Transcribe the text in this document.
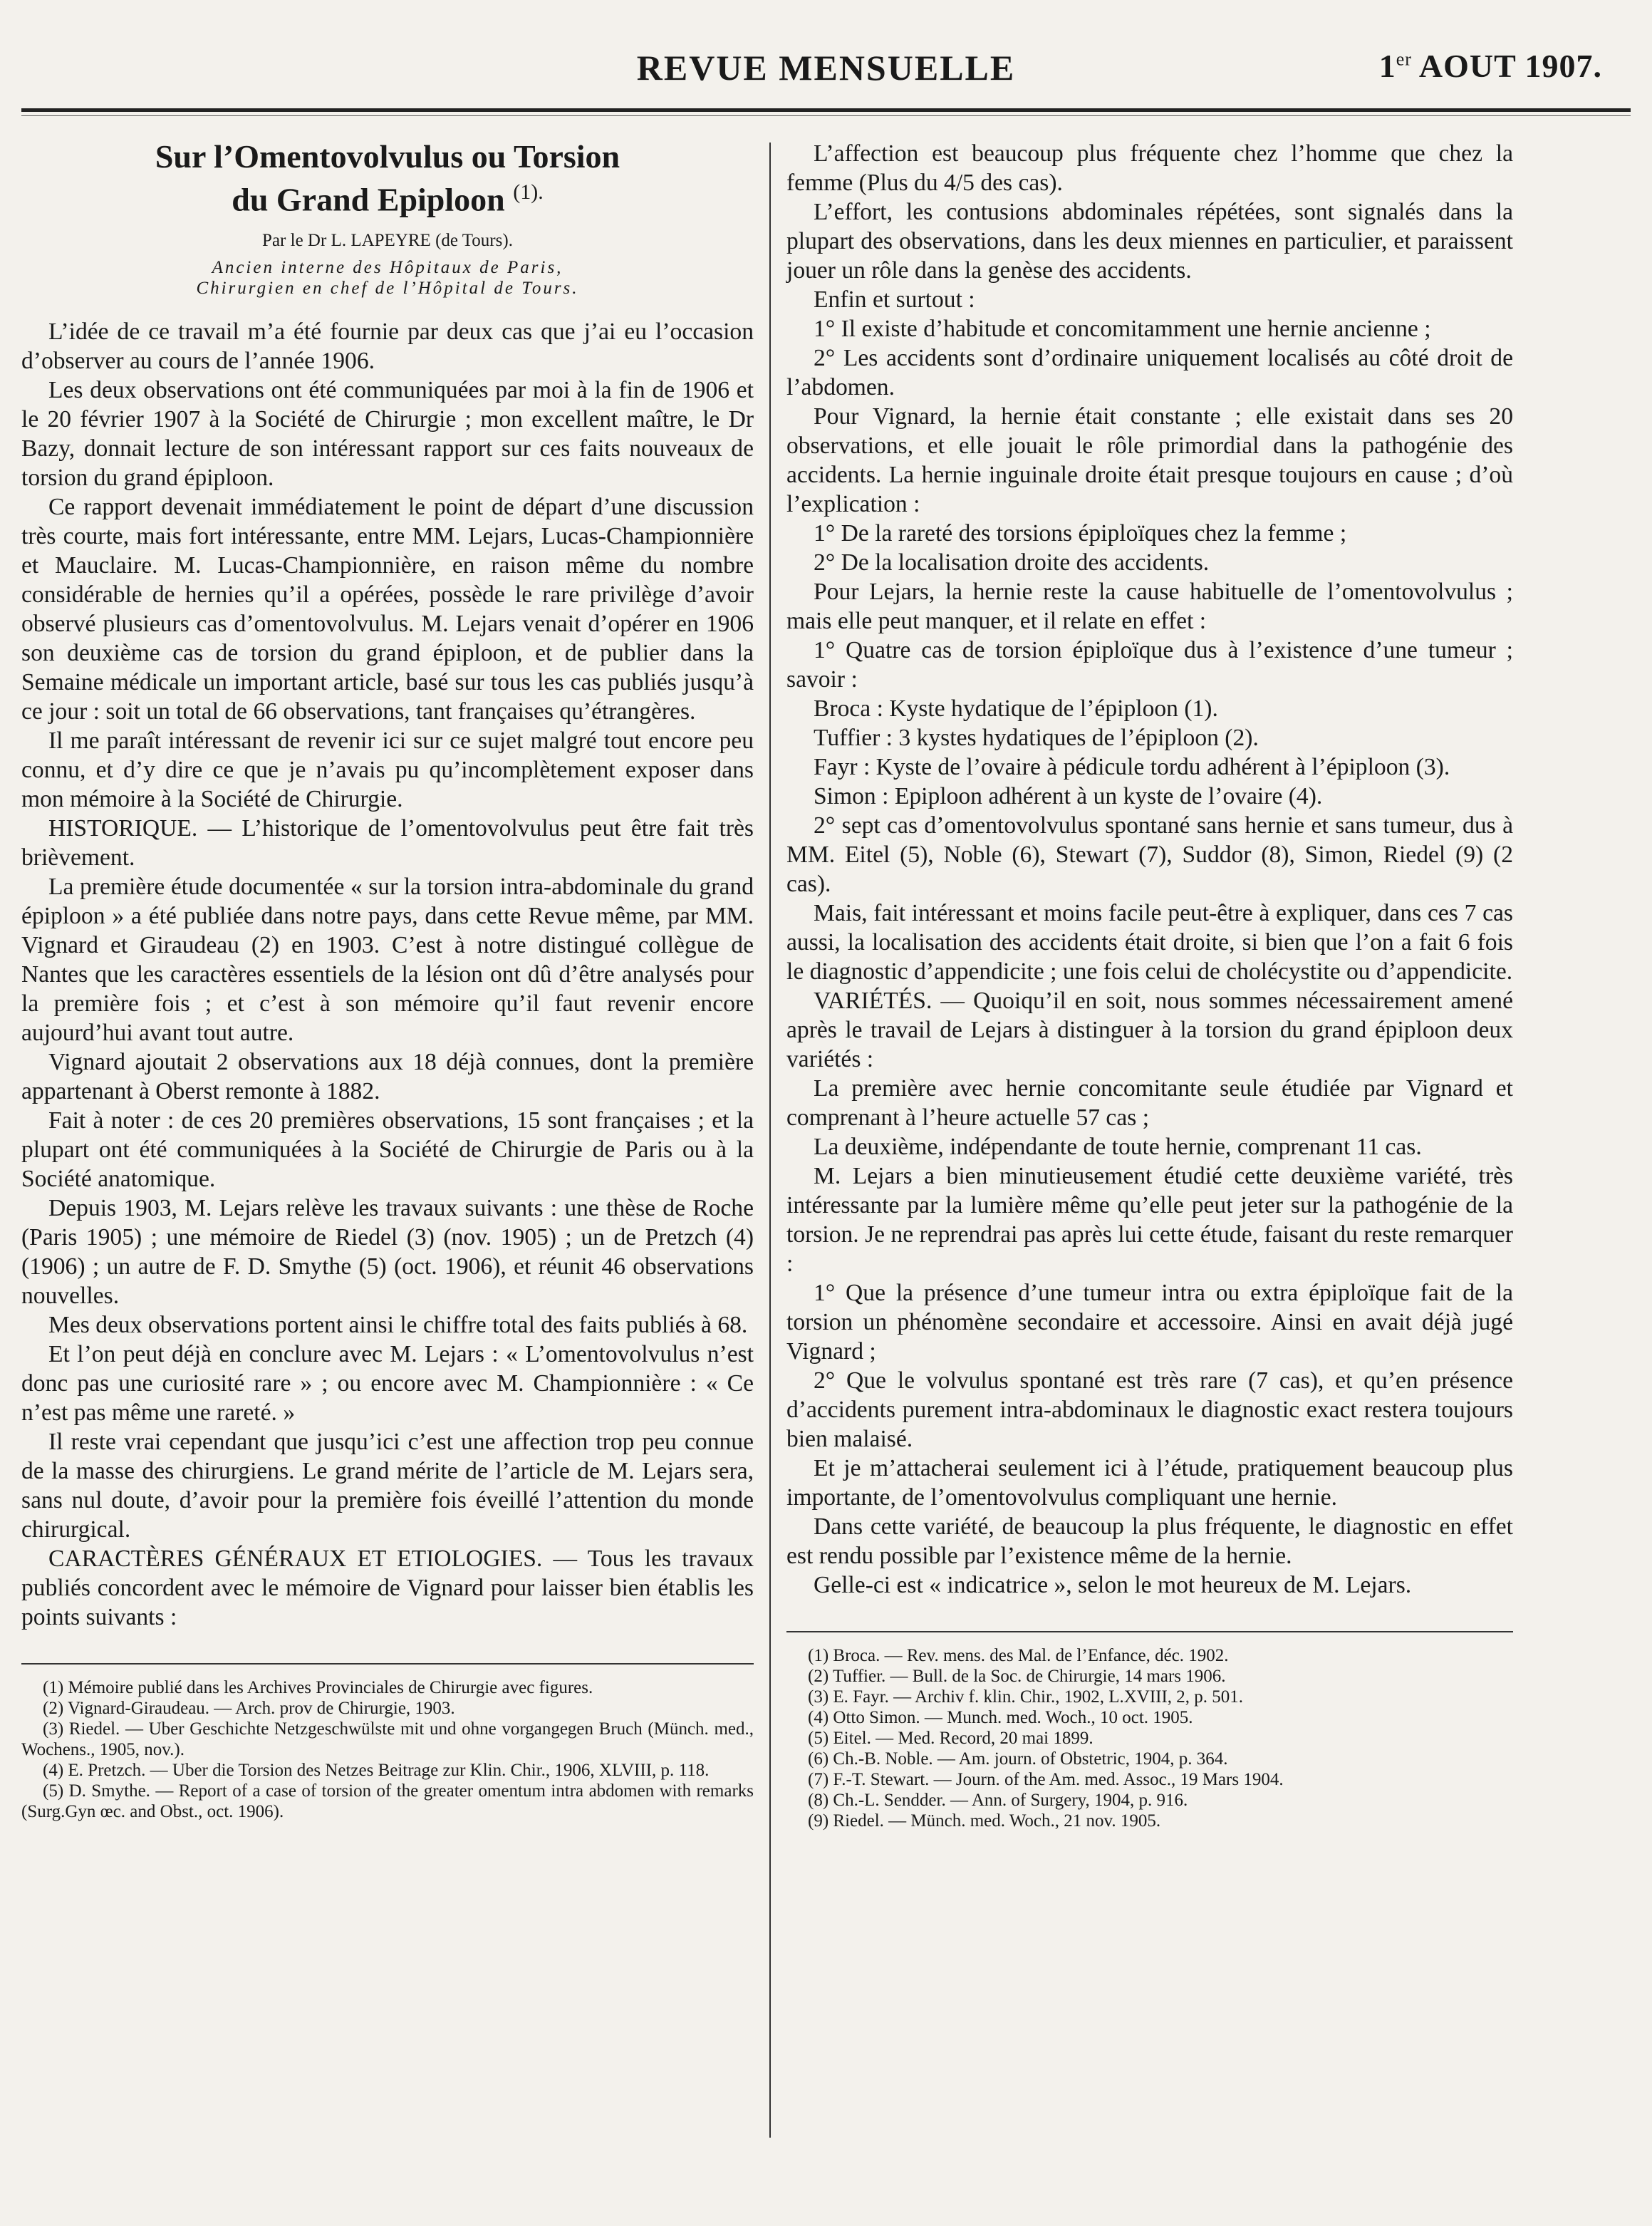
REVUE MENSUELLE	1er AOUT 1907.
Sur l’Omentovolvulus ou Torsion
du Grand Epiploon $^{(1).}$
Par le Dr L. LAPEYRE (de Tours).
Ancien interne des Hôpitaux de Paris,
Chirurgien en chef de l’Hôpital de Tours.

L’idée de ce travail m’a été fournie par deux cas que j’ai eu l’occasion d’observer au cours de l’année 1906.

Les deux observations ont été communiquées par moi à la fin de 1906 et le 20 février 1907 à la Société de Chirurgie ; mon excellent maître, le Dr Bazy, donnait lecture de son intéressant rapport sur ces faits nouveaux de torsion du grand épiploon.

Ce rapport devenait immédiatement le point de départ d’une discussion très courte, mais fort intéressante, entre MM. Lejars, Lucas-Championnière et Mauclaire. M. Lucas-Championnière, en raison même du nombre considérable de hernies qu’il a opérées, possède le rare privilège d’avoir observé plusieurs cas d’omentovolvulus. M. Lejars venait d’opérer en 1906 son deuxième cas de torsion du grand épiploon, et de publier dans la Semaine médicale un important article, basé sur tous les cas publiés jusqu’à ce jour : soit un total de 66 observations, tant françaises qu’étrangères.

Il me paraît intéressant de revenir ici sur ce sujet malgré tout encore peu connu, et d’y dire ce que je n’avais pu qu’incomplètement exposer dans mon mémoire à la Société de Chirurgie.

HISTORIQUE. — L’historique de l’omentovolvulus peut être fait très brièvement.

La première étude documentée « sur la torsion intra-abdominale du grand épiploon » a été publiée dans notre pays, dans cette Revue même, par MM. Vignard et Giraudeau (2) en 1903. C’est à notre distingué collègue de Nantes que les caractères essentiels de la lésion ont dû d’être analysés pour la première fois ; et c’est à son mémoire qu’il faut revenir encore aujourd’hui avant tout autre.

Vignard ajoutait 2 observations aux 18 déjà connues, dont la première appartenant à Oberst remonte à 1882.

Fait à noter : de ces 20 premières observations, 15 sont françaises ; et la plupart ont été communiquées à la Société de Chirurgie de Paris ou à la Société anatomique.

Depuis 1903, M. Lejars relève les travaux suivants : une thèse de Roche (Paris 1905) ; une mémoire de Riedel (3) (nov. 1905) ; un de Pretzch (4) (1906) ; un autre de F. D. Smythe (5) (oct. 1906), et réunit 46 observations nouvelles.

Mes deux observations portent ainsi le chiffre total des faits publiés à 68.

Et l’on peut déjà en conclure avec M. Lejars : « L’omentovolvulus n’est donc pas une curiosité rare » ; ou encore avec M. Championnière : « Ce n’est pas même une rareté. »

Il reste vrai cependant que jusqu’ici c’est une affection trop peu connue de la masse des chirurgiens. Le grand mérite de l’article de M. Lejars sera, sans nul doute, d’avoir pour la première fois éveillé l’attention du monde chirurgical.

CARACTÈRES GÉNÉRAUX ET ETIOLOGIES. — Tous les travaux publiés concordent avec le mémoire de Vignard pour laisser bien établis les points suivants :

(1) Mémoire publié dans les Archives Provinciales de Chirurgie avec figures.

(2) Vignard-Giraudeau. — Arch. prov de Chirurgie, 1903.

(3) Riedel. — Uber Geschichte Netzgeschwülste mit und ohne vorgangegen Bruch (Münch. med., Wochens., 1905, nov.).

(4) E. Pretzch. — Uber die Torsion des Netzes Beitrage zur Klin. Chir., 1906, XLVIII, p. 118.

(5) D. Smythe. — Report of a case of torsion of the greater omentum intra abdomen with remarks (Surg.Gyn œc. and Obst., oct. 1906).

L’affection est beaucoup plus fréquente chez l’homme que chez la femme (Plus du 4/5 des cas).

L’effort, les contusions abdominales répétées, sont signalés dans la plupart des observations, dans les deux miennes en particulier, et paraissent jouer un rôle dans la genèse des accidents.

Enfin et surtout :

1° Il existe d’habitude et concomitamment une hernie ancienne ;

2° Les accidents sont d’ordinaire uniquement localisés au côté droit de l’abdomen.

Pour Vignard, la hernie était constante ; elle existait dans ses 20 observations, et elle jouait le rôle primordial dans la pathogénie des accidents. La hernie inguinale droite était presque toujours en cause ; d’où l’explication :

1° De la rareté des torsions épiploïques chez la femme ;

2° De la localisation droite des accidents.

Pour Lejars, la hernie reste la cause habituelle de l’omentovolvulus ; mais elle peut manquer, et il relate en effet :

1° Quatre cas de torsion épiploïque dus à l’existence d’une tumeur ; savoir :

Broca : Kyste hydatique de l’épiploon (1).

Tuffier : 3 kystes hydatiques de l’épiploon (2).

Fayr : Kyste de l’ovaire à pédicule tordu adhérent à l’épiploon (3).

Simon : Epiploon adhérent à un kyste de l’ovaire (4).

2° sept cas d’omentovolvulus spontané sans hernie et sans tumeur, dus à MM. Eitel (5), Noble (6), Stewart (7), Suddor (8), Simon, Riedel (9) (2 cas).

Mais, fait intéressant et moins facile peut-être à expliquer, dans ces 7 cas aussi, la localisation des accidents était droite, si bien que l’on a fait 6 fois le diagnostic d’appendicite ; une fois celui de cholécystite ou d’appendicite.

VARIÉTÉS. — Quoiqu’il en soit, nous sommes nécessairement amené après le travail de Lejars à distinguer à la torsion du grand épiploon deux variétés :

La première avec hernie concomitante seule étudiée par Vignard et comprenant à l’heure actuelle 57 cas ;

La deuxième, indépendante de toute hernie, comprenant 11 cas.

M. Lejars a bien minutieusement étudié cette deuxième variété, très intéressante par la lumière même qu’elle peut jeter sur la pathogénie de la torsion. Je ne reprendrai pas après lui cette étude, faisant du reste remarquer :

1° Que la présence d’une tumeur intra ou extra épiploïque fait de la torsion un phénomène secondaire et accessoire. Ainsi en avait déjà jugé Vignard ;

2° Que le volvulus spontané est très rare (7 cas), et qu’en présence d’accidents purement intra-abdominaux le diagnostic exact restera toujours bien malaisé.

Et je m’attacherai seulement ici à l’étude, pratiquement beaucoup plus importante, de l’omentovolvulus compliquant une hernie.

Dans cette variété, de beaucoup la plus fréquente, le diagnostic en effet est rendu possible par l’existence même de la hernie.

Gelle-ci est « indicatrice », selon le mot heureux de M. Lejars.

(1) Broca. — Rev. mens. des Mal. de l’Enfance, déc. 1902.

(2) Tuffier. — Bull. de la Soc. de Chirurgie, 14 mars 1906.

(3) E. Fayr. — Archiv f. klin. Chir., 1902, L.XVIII, 2, p. 501.

(4) Otto Simon. — Munch. med. Woch., 10 oct. 1905.

(5) Eitel. — Med. Record, 20 mai 1899.

(6) Ch.-B. Noble. — Am. journ. of Obstetric, 1904, p. 364.

(7) F.-T. Stewart. — Journ. of the Am. med. Assoc., 19 Mars 1904.

(8) Ch.-L. Sendder. — Ann. of Surgery, 1904, p. 916.

(9) Riedel. — Münch. med. Woch., 21 nov. 1905.
